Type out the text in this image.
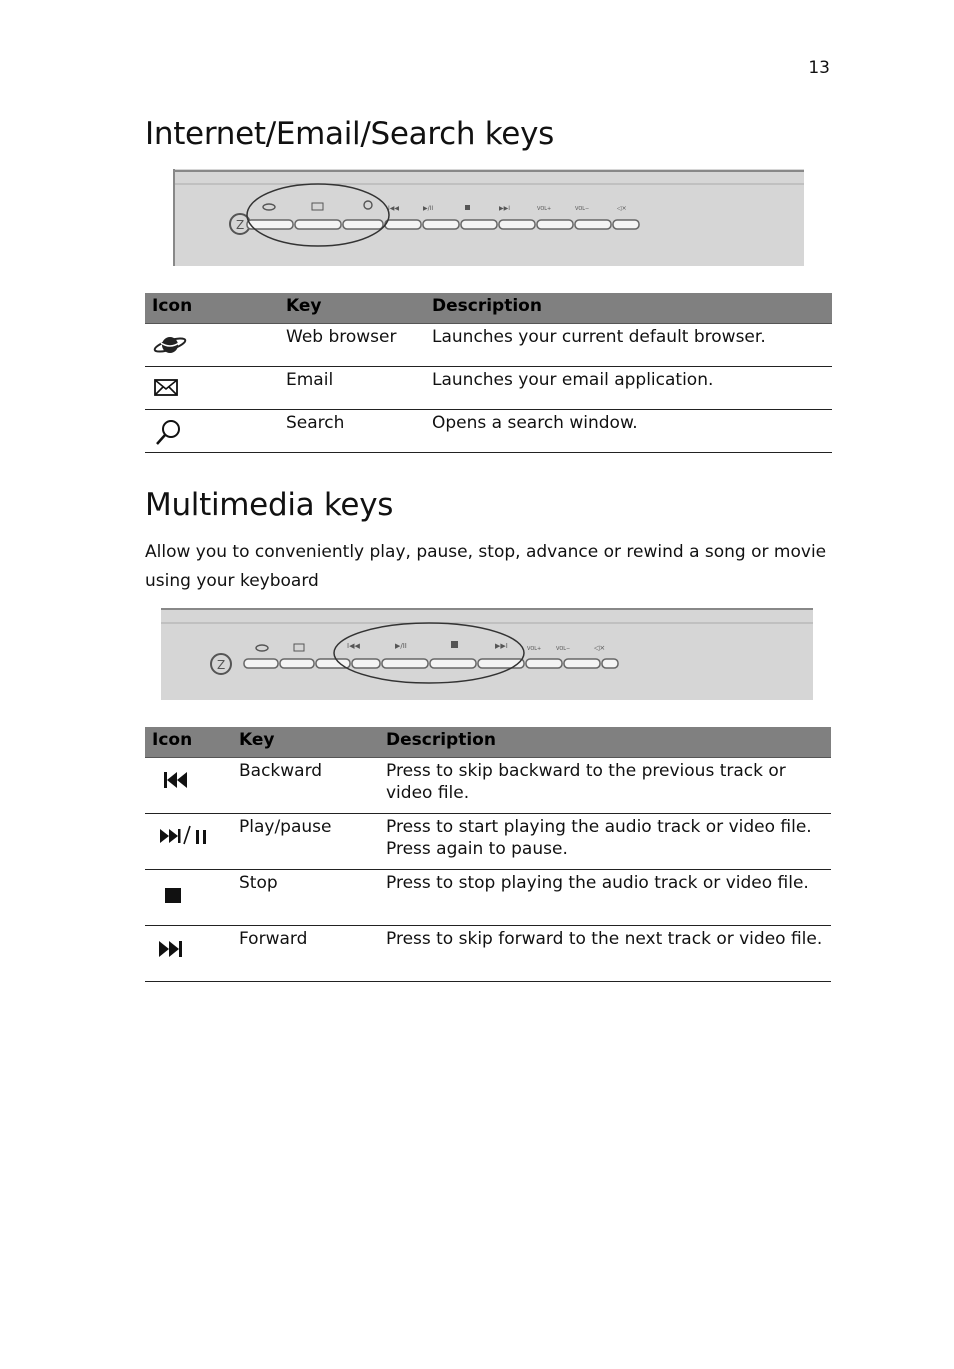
13
Internet/Email/Search keys
Z
I◀◀	▶/II	▶▶I	VOL+	VOL−	◁×
Icon	Key	Description

	Web browser	Launches your current default browser.

	Email	Launches your email application.

	Search	Opens a search window.
Multimedia keys

Allow you to conveniently play, pause, stop, advance or rewind a song or movie using your keyboard

Z
I◀◀	▶/II	▶▶I	VOL+	VOL−	◁×
Icon	Key	Description

	Backward	Press to skip backward to the previous track or
video file.

	Play/pause	Press to start playing the audio track or video file.
Press again to pause.

	Stop	Press to stop playing the audio track or video file.

	Forward	Press to skip forward to the next track or video file.
